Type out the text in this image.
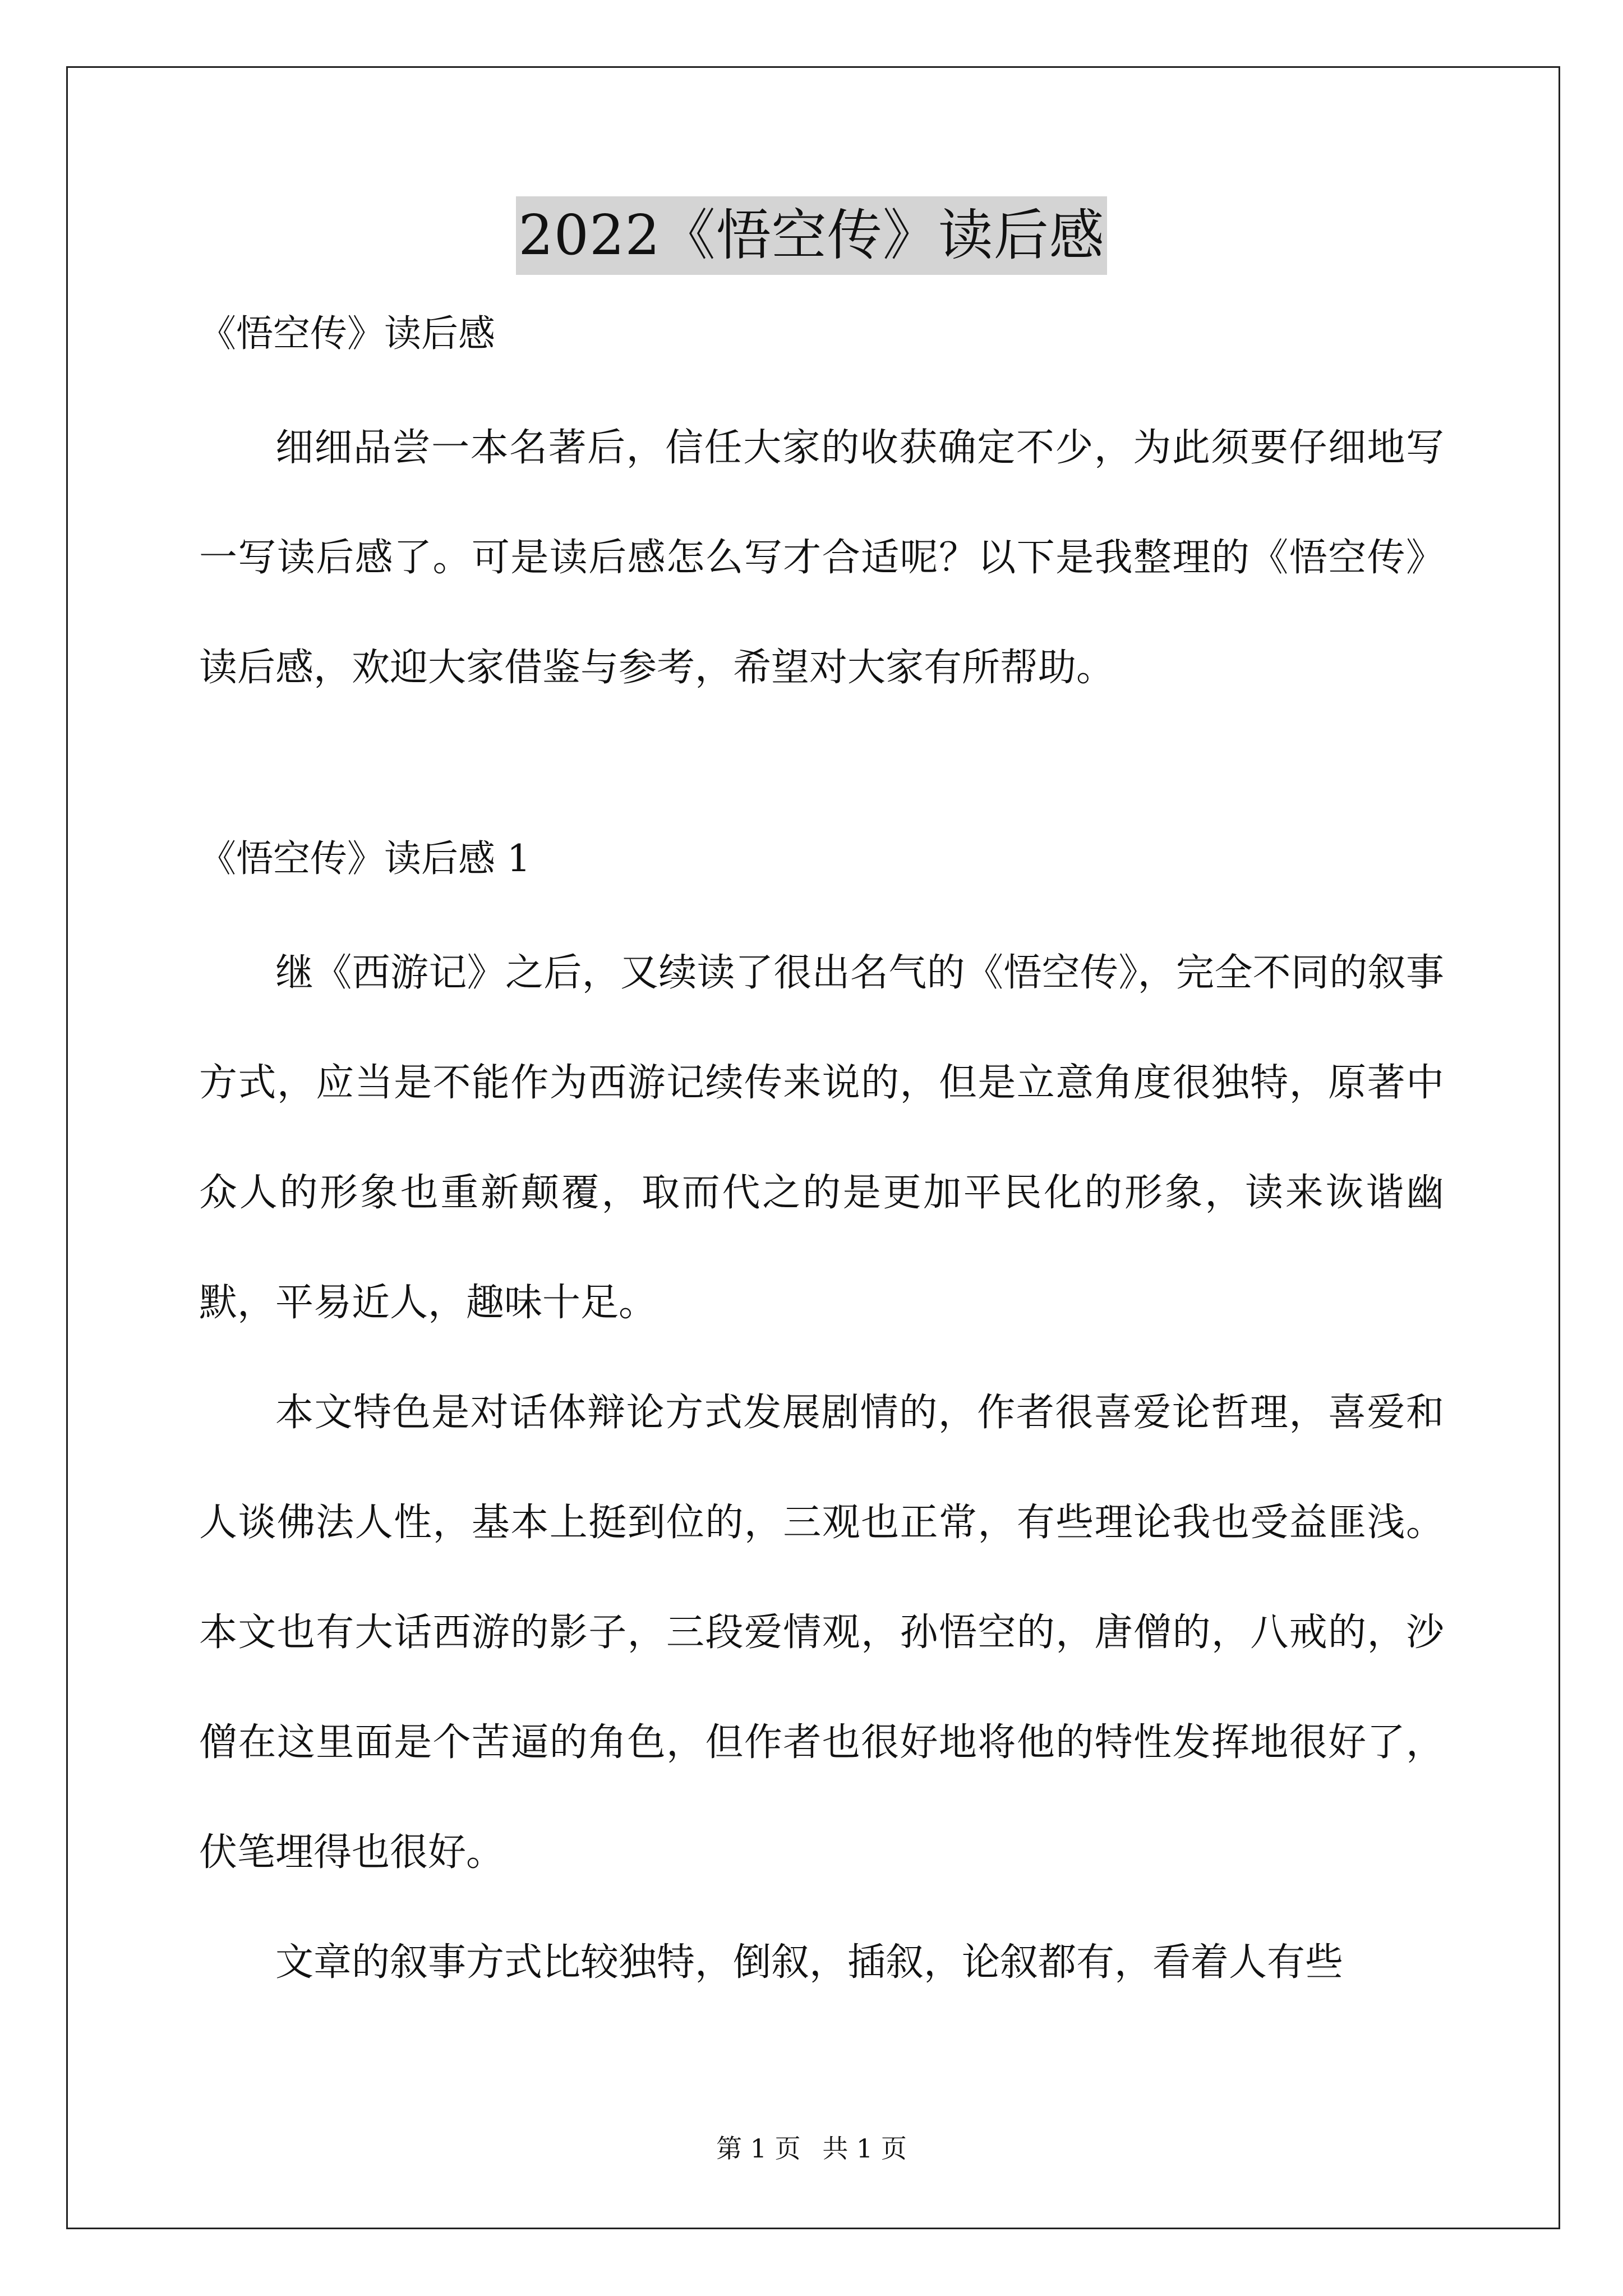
2022《悟空传》读后感

《悟空传》读后感

细细品尝一本名著后，信任大家的收获确定不少，为此须要仔细地写一写读后感了。可是读后感怎么写才合适呢？以下是我整理的《悟空传》读后感，欢迎大家借鉴与参考，希望对大家有所帮助。

《悟空传》读后感 1

继《西游记》之后，又续读了很出名气的《悟空传》，完全不同的叙事方式，应当是不能作为西游记续传来说的，但是立意角度很独特，原著中众人的形象也重新颠覆，取而代之的是更加平民化的形象，读来诙谐幽默，平易近人，趣味十足。

本文特色是对话体辩论方式发展剧情的，作者很喜爱论哲理，喜爱和人谈佛法人性，基本上挺到位的，三观也正常，有些理论我也受益匪浅。本文也有大话西游的影子，三段爱情观，孙悟空的，唐僧的，八戒的，沙僧在这里面是个苦逼的角色，但作者也很好地将他的特性发挥地很好了，伏笔埋得也很好。

文章的叙事方式比较独特，倒叙，插叙，论叙都有，看着人有些

第 1 页 共 1 页
